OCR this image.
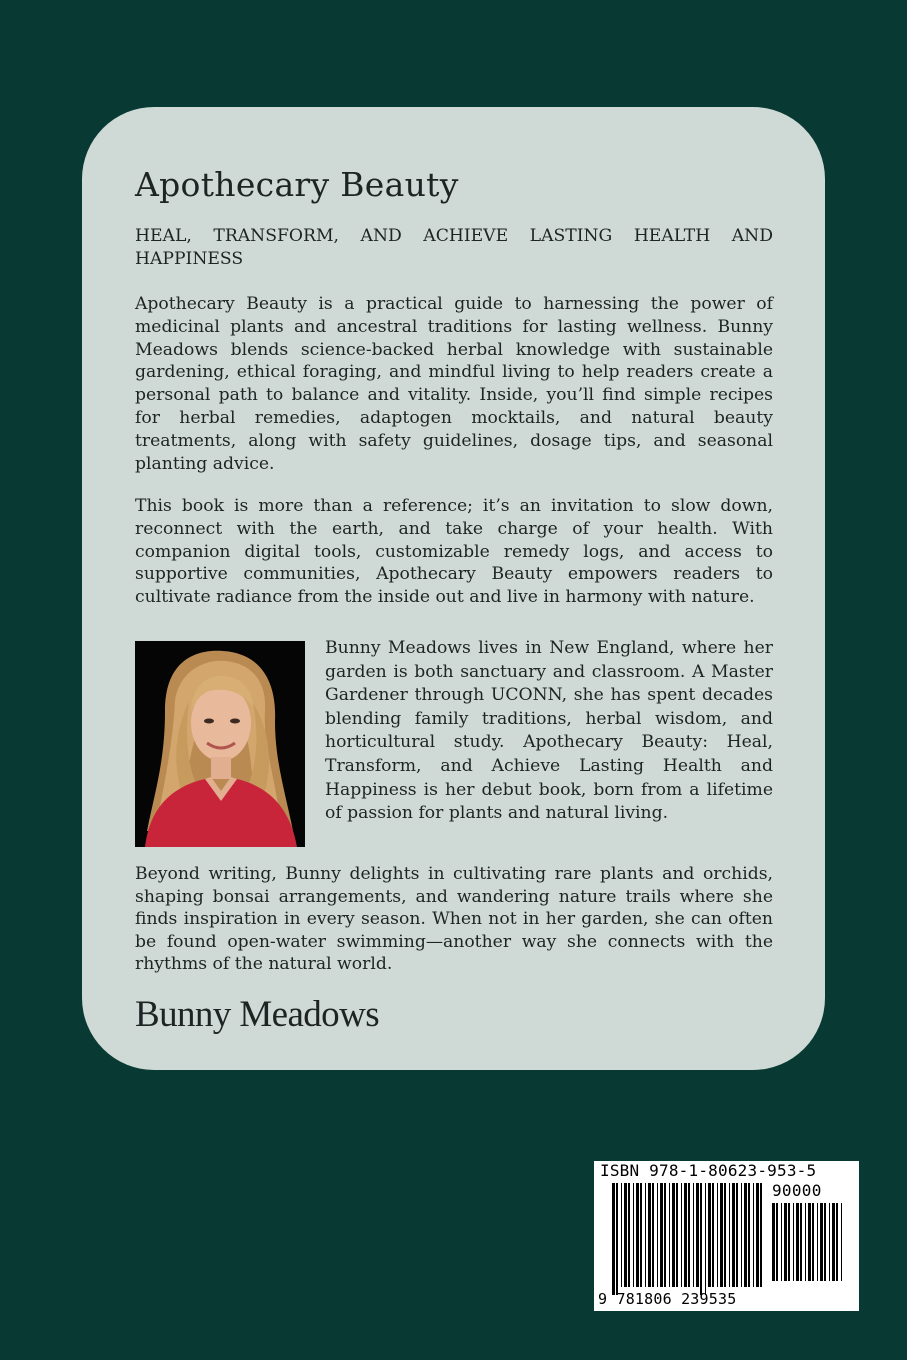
Apothecary Beauty

HEAL, TRANSFORM, AND ACHIEVE LASTING HEALTH AND HAPPINESS

Apothecary Beauty is a practical guide to harnessing the power of medicinal plants and ancestral traditions for lasting wellness. Bunny Meadows blends science-backed herbal knowledge with sustainable gardening, ethical foraging, and mindful living to help readers create a personal path to balance and vitality. Inside, you’ll find simple recipes for herbal remedies, adaptogen mocktails, and natural beauty treatments, along with safety guidelines, dosage tips, and seasonal planting advice.

This book is more than a reference; it’s an invitation to slow down, reconnect with the earth, and take charge of your health. With companion digital tools, customizable remedy logs, and access to supportive communities, Apothecary Beauty empowers readers to cultivate radiance from the inside out and live in harmony with nature.

Bunny Meadows lives in New England, where her garden is both sanctuary and classroom. A Master Gardener through UCONN, she has spent decades blending family traditions, herbal wisdom, and horticultural study. Apothecary Beauty: Heal, Transform, and Achieve Lasting Health and Happiness is her debut book, born from a lifetime of passion for plants and natural living.

Beyond writing, Bunny delights in cultivating rare plants and orchids, shaping bonsai arrangements, and wandering nature trails where she finds inspiration in every season. When not in her garden, she can often be found open-water swimming—another way she connects with the rhythms of the natural world.

Bunny Meadows
ISBN 978-1-80623-953-5
90000
9 781806 239535
